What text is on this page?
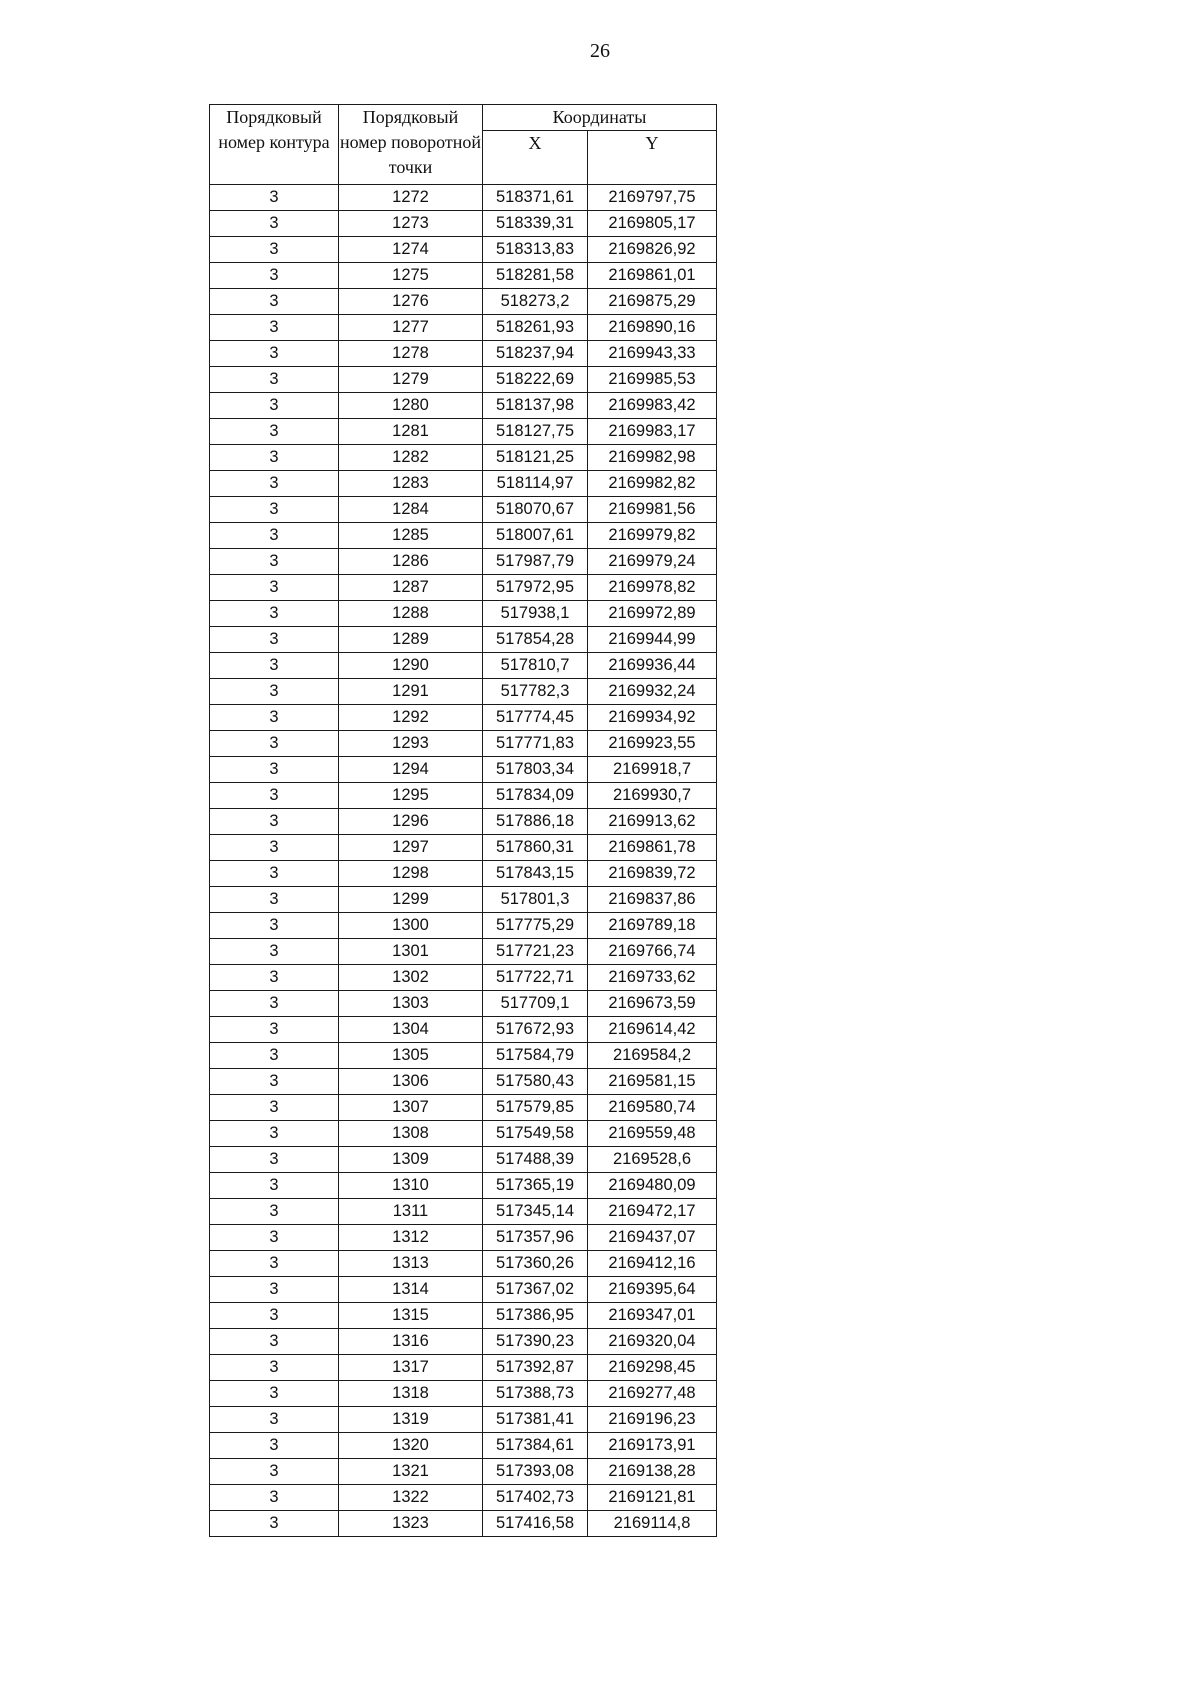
26
Порядковый номер контура	Порядковый номер поворотной точки	Координаты	
		X	Y
3	1272	518371,61	2169797,75
3	1273	518339,31	2169805,17
3	1274	518313,83	2169826,92
3	1275	518281,58	2169861,01
3	1276	518273,2	2169875,29
3	1277	518261,93	2169890,16
3	1278	518237,94	2169943,33
3	1279	518222,69	2169985,53
3	1280	518137,98	2169983,42
3	1281	518127,75	2169983,17
3	1282	518121,25	2169982,98
3	1283	518114,97	2169982,82
3	1284	518070,67	2169981,56
3	1285	518007,61	2169979,82
3	1286	517987,79	2169979,24
3	1287	517972,95	2169978,82
3	1288	517938,1	2169972,89
3	1289	517854,28	2169944,99
3	1290	517810,7	2169936,44
3	1291	517782,3	2169932,24
3	1292	517774,45	2169934,92
3	1293	517771,83	2169923,55
3	1294	517803,34	2169918,7
3	1295	517834,09	2169930,7
3	1296	517886,18	2169913,62
3	1297	517860,31	2169861,78
3	1298	517843,15	2169839,72
3	1299	517801,3	2169837,86
3	1300	517775,29	2169789,18
3	1301	517721,23	2169766,74
3	1302	517722,71	2169733,62
3	1303	517709,1	2169673,59
3	1304	517672,93	2169614,42
3	1305	517584,79	2169584,2
3	1306	517580,43	2169581,15
3	1307	517579,85	2169580,74
3	1308	517549,58	2169559,48
3	1309	517488,39	2169528,6
3	1310	517365,19	2169480,09
3	1311	517345,14	2169472,17
3	1312	517357,96	2169437,07
3	1313	517360,26	2169412,16
3	1314	517367,02	2169395,64
3	1315	517386,95	2169347,01
3	1316	517390,23	2169320,04
3	1317	517392,87	2169298,45
3	1318	517388,73	2169277,48
3	1319	517381,41	2169196,23
3	1320	517384,61	2169173,91
3	1321	517393,08	2169138,28
3	1322	517402,73	2169121,81
3	1323	517416,58	2169114,8
